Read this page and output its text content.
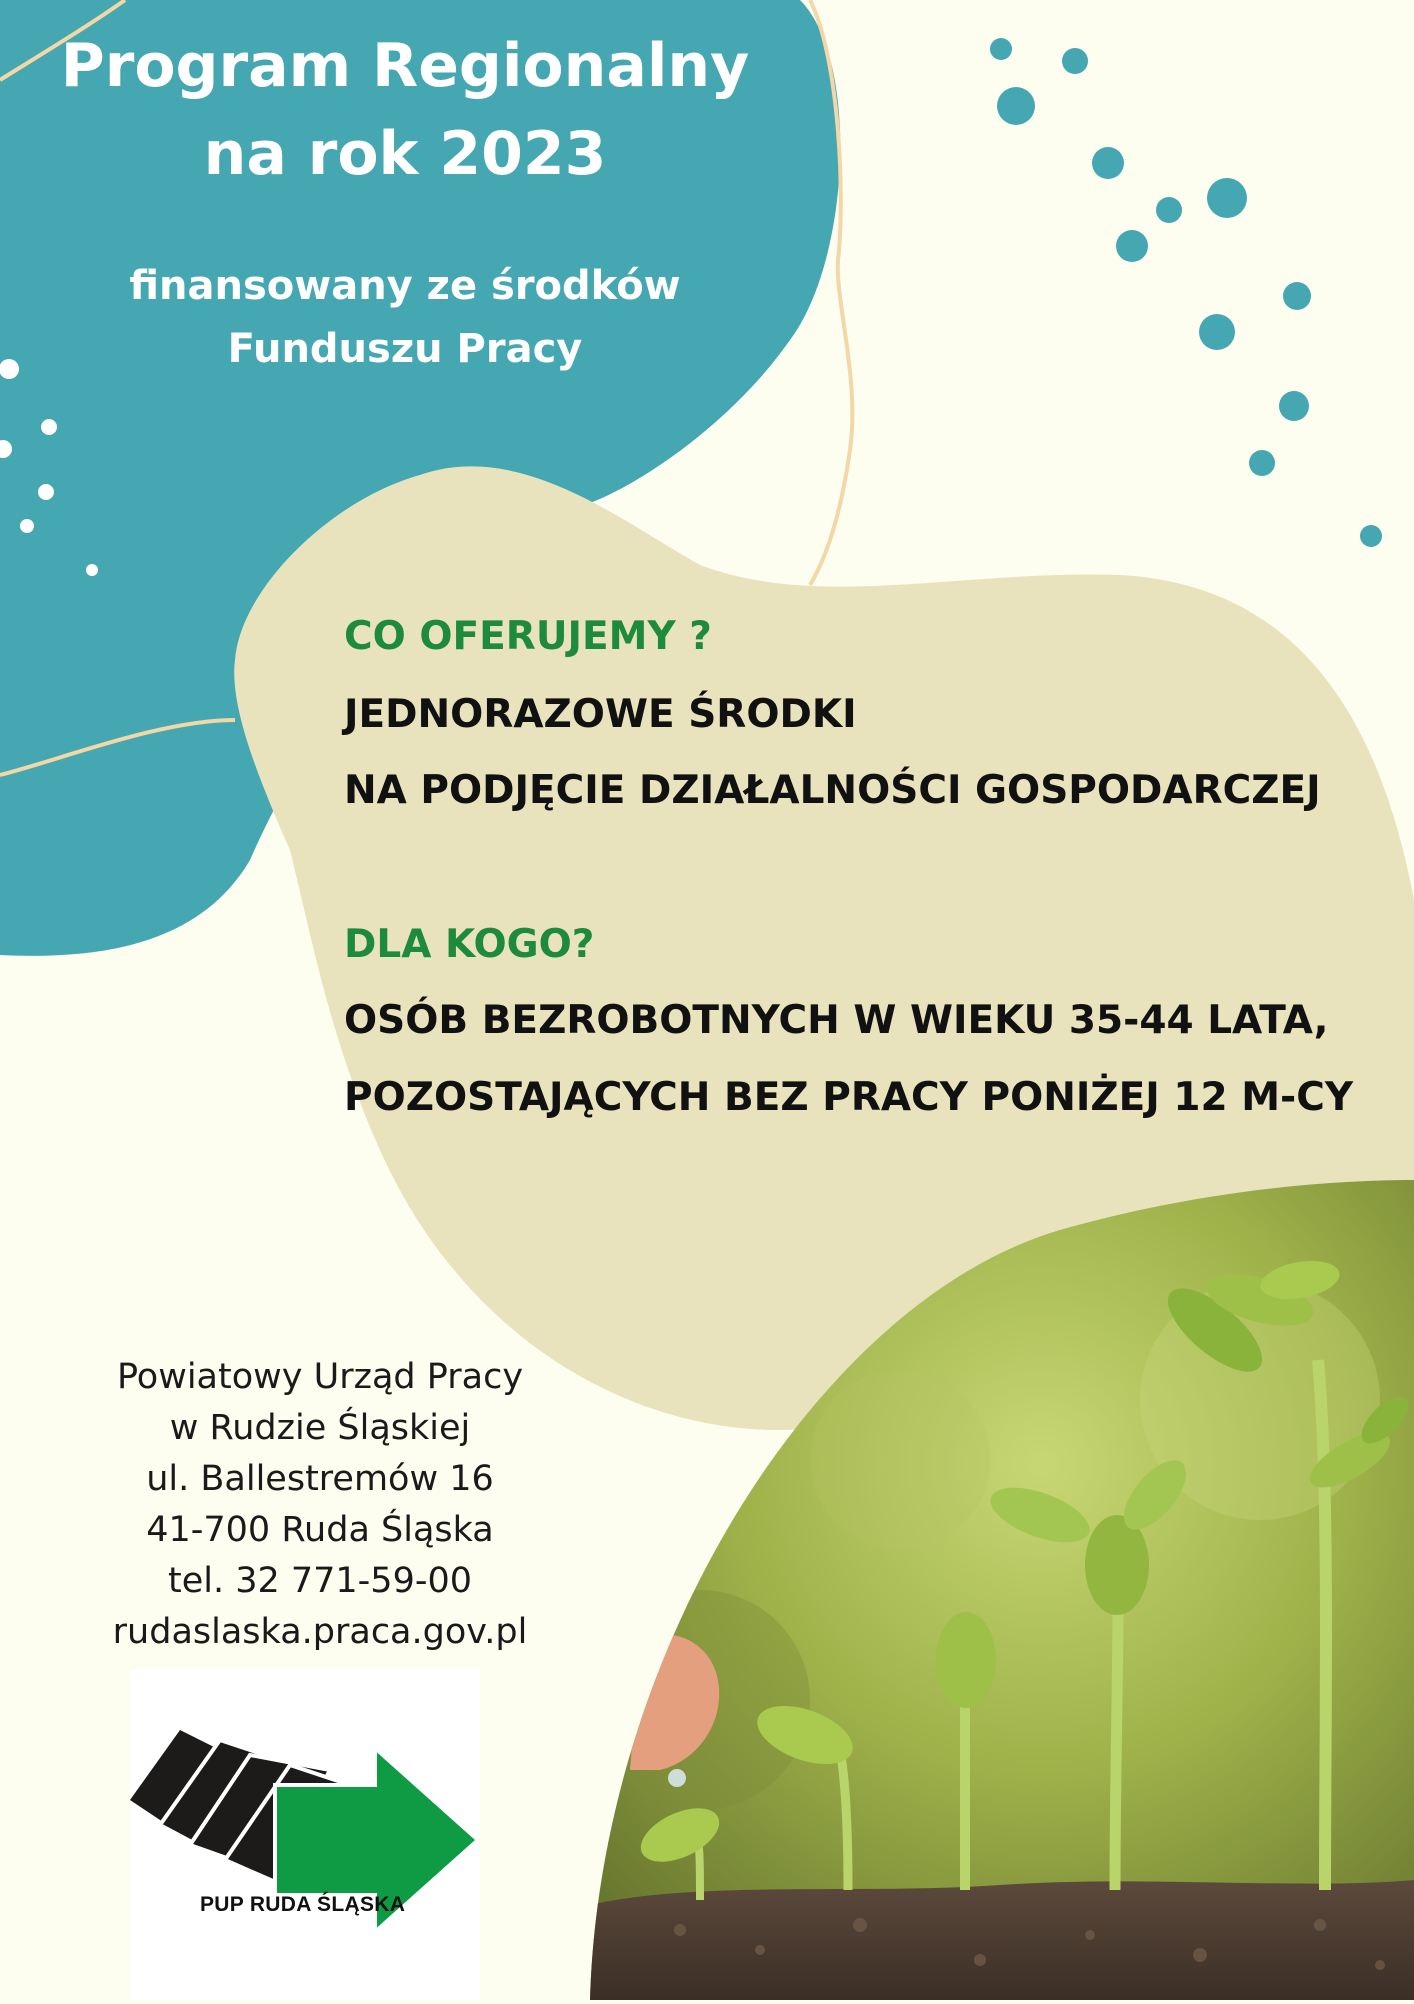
Program Regionalny
na rok 2023
finansowany ze środków
Funduszu Pracy
CO OFERUJEMY ?
JEDNORAZOWE ŚRODKI
NA PODJĘCIE DZIAŁALNOŚCI GOSPODARCZEJ
DLA KOGO?
OSÓB BEZROBOTNYCH W WIEKU 35-44 LATA,
POZOSTAJĄCYCH BEZ PRACY PONIŻEJ 12 M-CY
Powiatowy Urząd Pracy
w Rudzie Śląskiej
ul. Ballestremów 16
41-700 Ruda Śląska
tel. 32 771-59-00
rudaslaska.praca.gov.pl
PUP RUDA ŚLĄSKA
